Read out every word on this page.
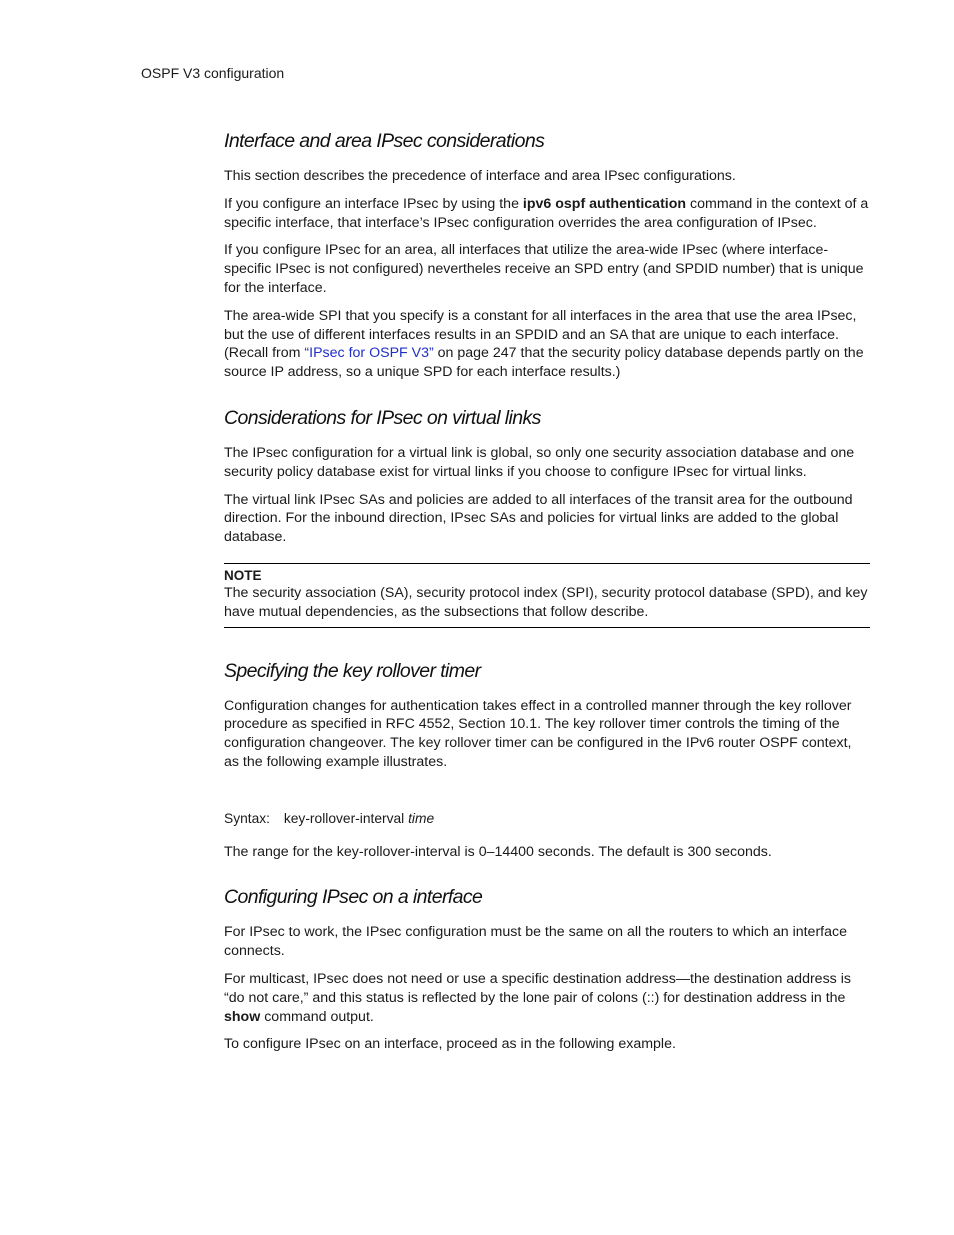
OSPF V3 configuration
Interface and area IPsec considerations

This section describes the precedence of interface and area IPsec configurations.

If you configure an interface IPsec by using the ipv6 ospf authentication command in the context of a specific interface, that interface’s IPsec configuration overrides the area configuration of IPsec.

If you configure IPsec for an area, all interfaces that utilize the area-wide IPsec (where interface-specific IPsec is not configured) nevertheles receive an SPD entry (and SPDID number) that is unique for the interface.

The area-wide SPI that you specify is a constant for all interfaces in the area that use the area IPsec, but the use of different interfaces results in an SPDID and an SA that are unique to each interface. (Recall from “IPsec for OSPF V3” on page 247 that the security policy database depends partly on the source IP address, so a unique SPD for each interface results.)

Considerations for IPsec on virtual links

The IPsec configuration for a virtual link is global, so only one security association database and one security policy database exist for virtual links if you choose to configure IPsec for virtual links.

The virtual link IPsec SAs and policies are added to all interfaces of the transit area for the outbound direction. For the inbound direction, IPsec SAs and policies for virtual links are added to the global database.

NOTE

The security association (SA), security protocol index (SPI), security protocol database (SPD), and key have mutual dependencies, as the subsections that follow describe.

Specifying the key rollover timer

Configuration changes for authentication takes effect in a controlled manner through the key rollover procedure as specified in RFC 4552, Section 10.1. The key rollover timer controls the timing of the configuration changeover. The key rollover timer can be configured in the IPv6 router OSPF context, as the following example illustrates.

Syntax: key-rollover-interval time

The range for the key-rollover-interval is 0–14400 seconds. The default is 300 seconds.

Configuring IPsec on a interface

For IPsec to work, the IPsec configuration must be the same on all the routers to which an interface connects.

For multicast, IPsec does not need or use a specific destination address—the destination address is “do not care,” and this status is reflected by the lone pair of colons (::) for destination address in the show command output.

To configure IPsec on an interface, proceed as in the following example.
